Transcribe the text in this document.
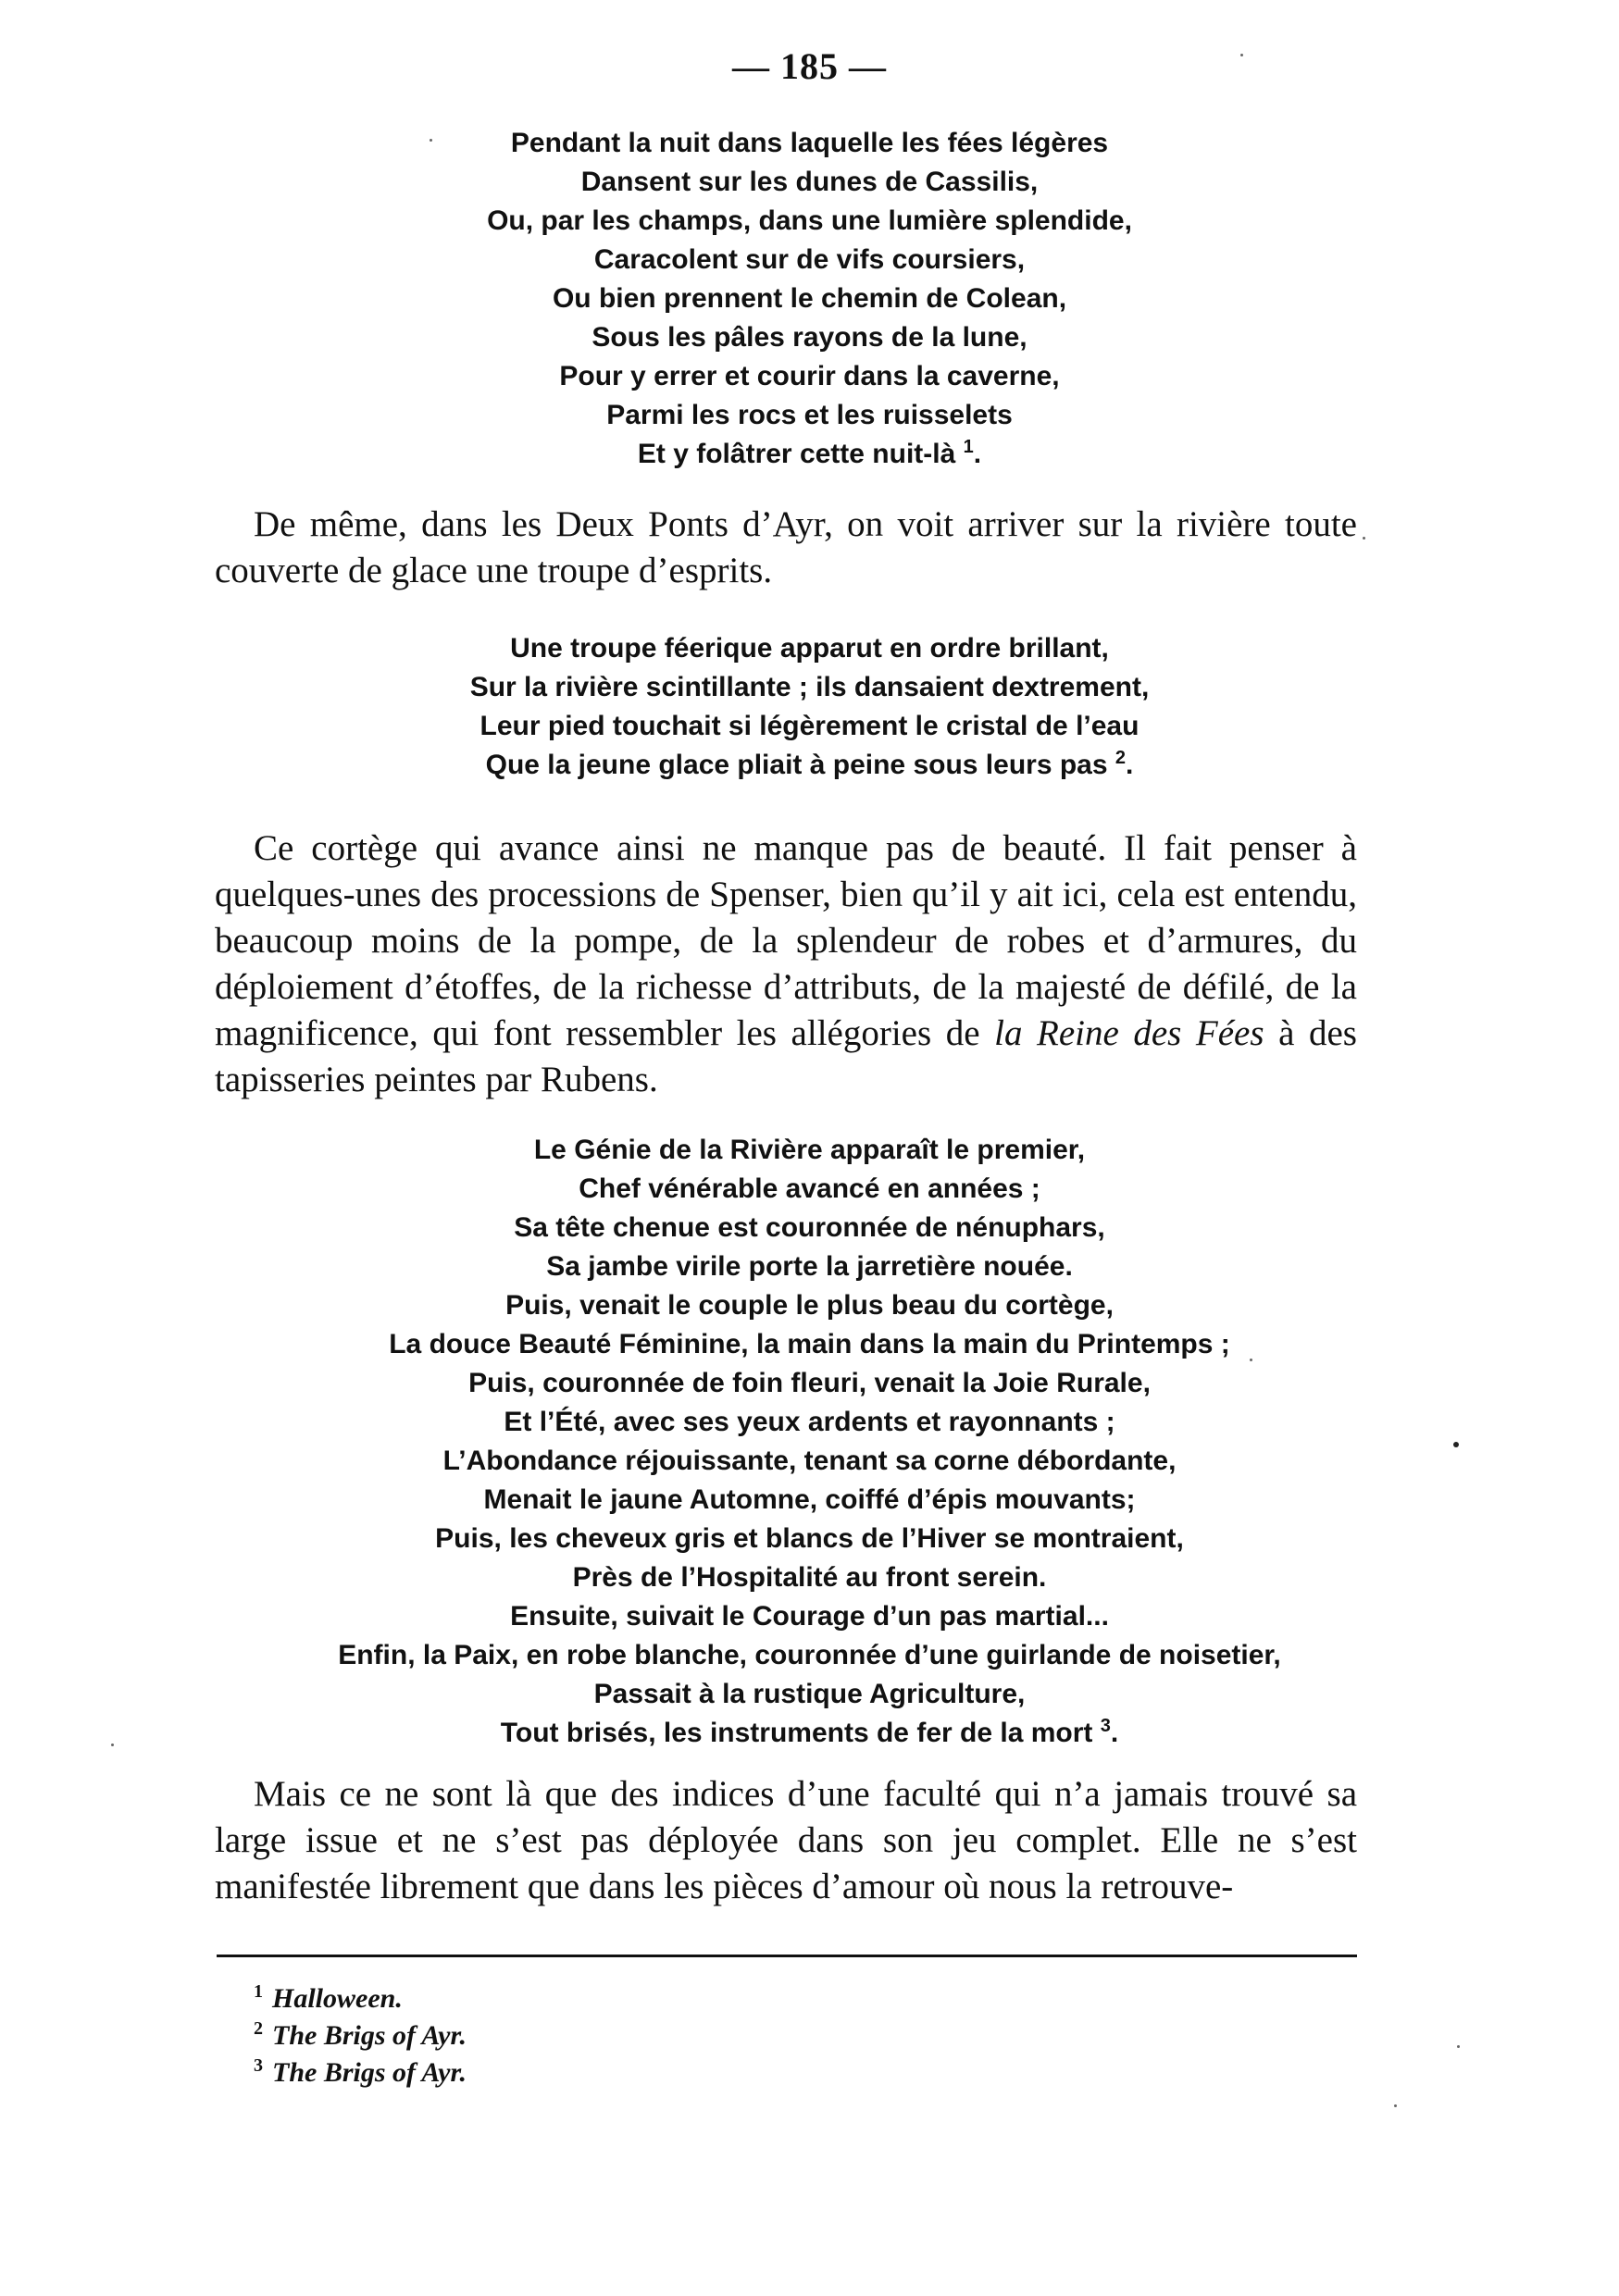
— 185 —
Pendant la nuit dans laquelle les fées légères
Dansent sur les dunes de Cassilis,
Ou, par les champs, dans une lumière splendide,
Caracolent sur de vifs coursiers,
Ou bien prennent le chemin de Colean,
Sous les pâles rayons de la lune,
Pour y errer et courir dans la caverne,
Parmi les rocs et les ruisselets
Et y folâtrer cette nuit-là $^1$.

De même, dans les Deux Ponts d’Ayr, on voit arriver sur la rivière toute couverte de glace une troupe d’esprits.

Une troupe féerique apparut en ordre brillant,
Sur la rivière scintillante ; ils dansaient dextrement,
Leur pied touchait si légèrement le cristal de l’eau
Que la jeune glace pliait à peine sous leurs pas $^2$.

Ce cortège qui avance ainsi ne manque pas de beauté. Il fait penser à quelques-unes des processions de Spenser, bien qu’il y ait ici, cela est entendu, beaucoup moins de la pompe, de la splendeur de robes et d’armures, du déploiement d’étoffes, de la richesse d’attributs, de la majesté de défilé, de la magnificence, qui font ressembler les allégories de la Reine des Fées à des tapisseries peintes par Rubens.

Le Génie de la Rivière apparaît le premier,
Chef vénérable avancé en années ;
Sa tête chenue est couronnée de nénuphars,
Sa jambe virile porte la jarretière nouée.
Puis, venait le couple le plus beau du cortège,
La douce Beauté Féminine, la main dans la main du Printemps ;
Puis, couronnée de foin fleuri, venait la Joie Rurale,
Et l’Été, avec ses yeux ardents et rayonnants ;
L’Abondance réjouissante, tenant sa corne débordante,
Menait le jaune Automne, coiffé d’épis mouvants;
Puis, les cheveux gris et blancs de l’Hiver se montraient,
Près de l’Hospitalité au front serein.
Ensuite, suivait le Courage d’un pas martial...
Enfin, la Paix, en robe blanche, couronnée d’une guirlande de noisetier,
Passait à la rustique Agriculture,
Tout brisés, les instruments de fer de la mort $^3$.

Mais ce ne sont là que des indices d’une faculté qui n’a jamais trouvé sa large issue et ne s’est pas déployée dans son jeu complet. Elle ne s’est manifestée librement que dans les pièces d’amour où nous la retrouve-

$^1$ Halloween.
$^2$ The Brigs of Ayr.
$^3$ The Brigs of Ayr.
